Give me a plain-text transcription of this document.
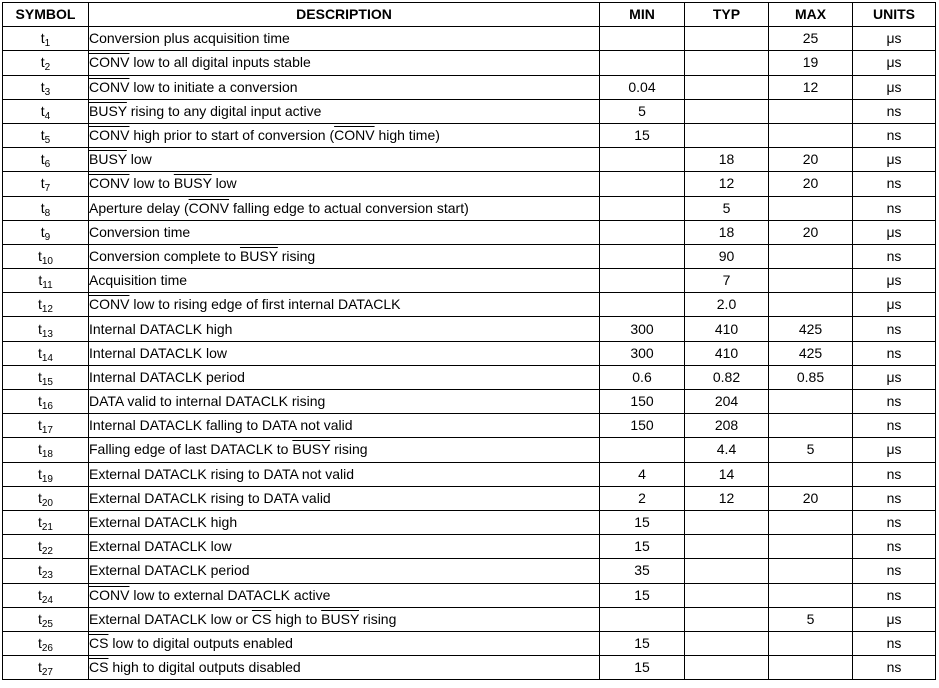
SYMBOL	DESCRIPTION	MIN	TYP	MAX	UNITS
$t_1$	Conversion plus acquisition time			25	μs
$t_2$	CONV low to all digital inputs stable			19	μs
$t_3$	CONV low to initiate a conversion	0.04		12	μs
$t_4$	BUSY rising to any digital input active	5			ns
$t_5$	CONV high prior to start of conversion (CONV high time)	15			ns
$t_6$	BUSY low		18	20	μs
$t_7$	CONV low to BUSY low		12	20	ns
$t_8$	Aperture delay (CONV falling edge to actual conversion start)		5		ns
$t_9$	Conversion time		18	20	μs
$t_{10}$	Conversion complete to BUSY rising		90		ns
$t_{11}$	Acquisition time		7		μs
$t_{12}$	CONV low to rising edge of first internal DATACLK		2.0		μs
$t_{13}$	Internal DATACLK high	300	410	425	ns
$t_{14}$	Internal DATACLK low	300	410	425	ns
$t_{15}$	Internal DATACLK period	0.6	0.82	0.85	μs
$t_{16}$	DATA valid to internal DATACLK rising	150	204		ns
$t_{17}$	Internal DATACLK falling to DATA not valid	150	208		ns
$t_{18}$	Falling edge of last DATACLK to BUSY rising		4.4	5	μs
$t_{19}$	External DATACLK rising to DATA not valid	4	14		ns
$t_{20}$	External DATACLK rising to DATA valid	2	12	20	ns
$t_{21}$	External DATACLK high	15			ns
$t_{22}$	External DATACLK low	15			ns
$t_{23}$	External DATACLK period	35			ns
$t_{24}$	CONV low to external DATACLK active	15			ns
$t_{25}$	External DATACLK low or $\overline{CS}$ high to BUSY rising			5	μs
$t_{26}$	$\overline{CS}$ low to digital outputs enabled	15			ns
$t_{27}$	$\overline{CS}$ high to digital outputs disabled	15			ns
